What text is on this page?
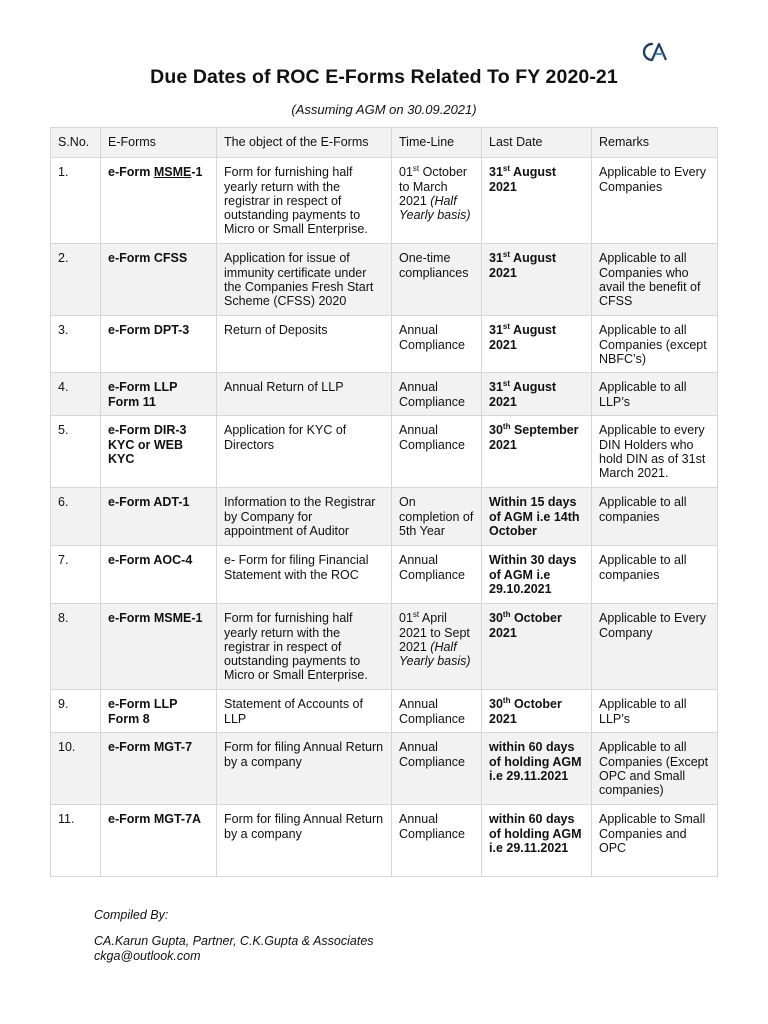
Due Dates of ROC E-Forms Related To FY 2020-21
(Assuming AGM on 30.09.2021)
S.No.	E-Forms	The object of the E-Forms	Time-Line	Last Date	Remarks
1.	e-Form MSME-1	Form for furnishing half yearly return with the registrar in respect of outstanding payments to Micro or Small Enterprise.	01st October to March 2021 (Half Yearly basis)	31st August 2021	Applicable to Every Companies
2.	e-Form CFSS	Application for issue of immunity certificate under the Companies Fresh Start Scheme (CFSS) 2020	One-time compliances	31st August 2021	Applicable to all Companies who avail the benefit of CFSS
3.	e-Form DPT-3	Return of Deposits	Annual Compliance	31st August 2021	Applicable to all Companies (except NBFC’s)
4.	e-Form LLP Form 11	Annual Return of LLP	Annual Compliance	31st August 2021	Applicable to all LLP’s
5.	e-Form DIR-3 KYC or WEB KYC	Application for KYC of Directors	Annual Compliance	30th September 2021	Applicable to every DIN Holders who hold DIN as of 31st March 2021.
6.	e-Form ADT-1	Information to the Registrar by Company for appointment of Auditor	On completion of 5th Year	Within 15 days of AGM i.e 14th October	Applicable to all companies
7.	e-Form AOC-4	e- Form for filing Financial Statement with the ROC	Annual Compliance	Within 30 days of AGM i.e 29.10.2021	Applicable to all companies
8.	e-Form MSME-1	Form for furnishing half yearly return with the registrar in respect of outstanding payments to Micro or Small Enterprise.	01st April 2021 to Sept 2021 (Half Yearly basis)	30th October 2021	Applicable to Every Company
9.	e-Form LLP Form 8	Statement of Accounts of LLP	Annual Compliance	30th October 2021	Applicable to all LLP’s
10.	e-Form MGT-7	Form for filing Annual Return by a company	Annual Compliance	within 60 days of holding AGM i.e 29.11.2021	Applicable to all Companies (Except OPC and Small companies)
11.	e-Form MGT-7A	Form for filing Annual Return by a company	Annual Compliance	within 60 days of holding AGM i.e 29.11.2021	Applicable to Small Companies and OPC
Compiled By:
CA.Karun Gupta, Partner, C.K.Gupta & Associates
ckga@outlook.com
